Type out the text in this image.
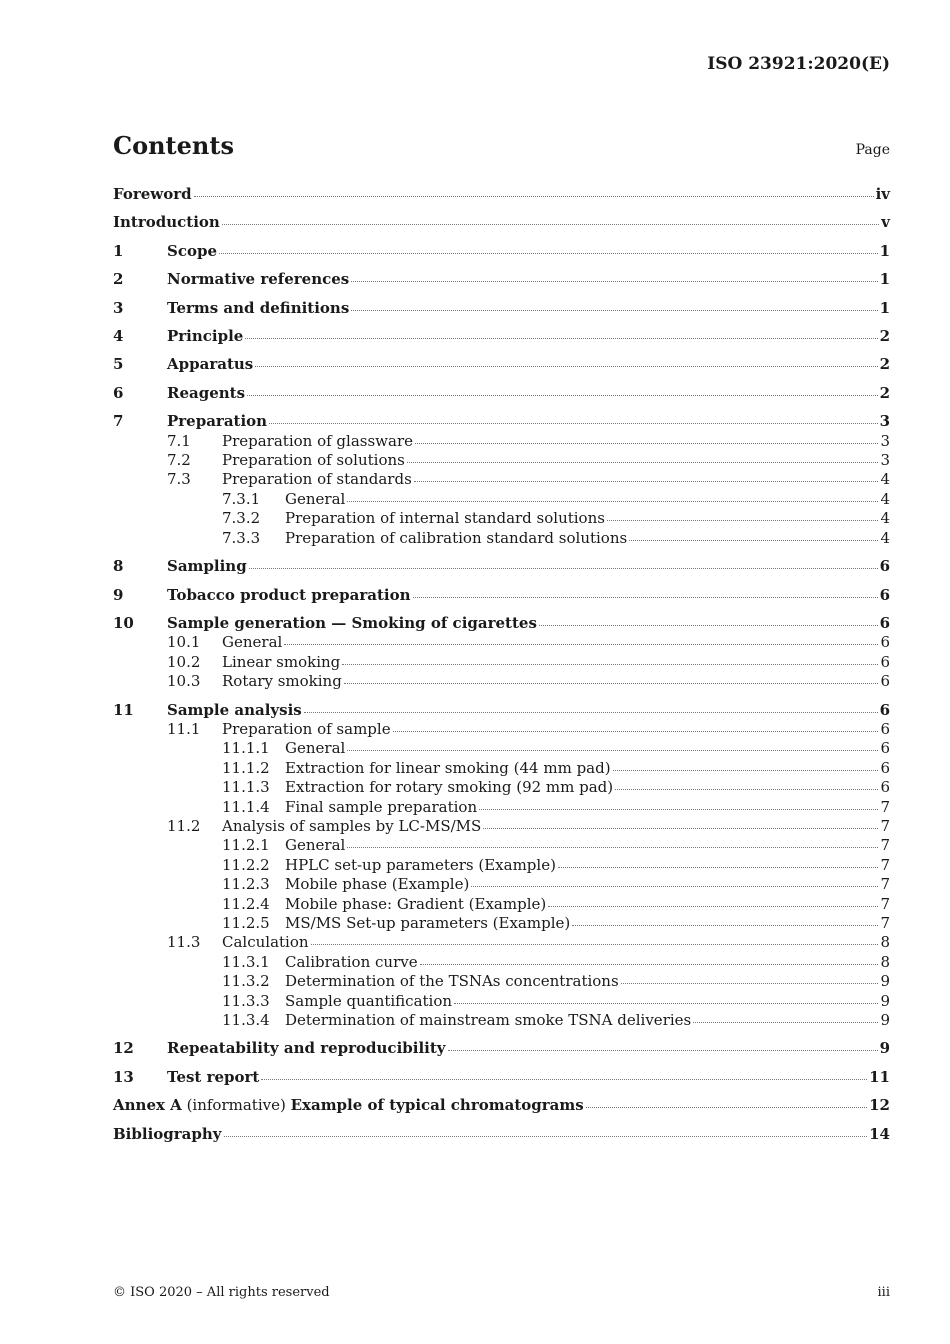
ISO 23921:2020(E)
Contents	Page
Foreword	iv
Introduction	v
1	Scope	1
2	Normative references	1
3	Terms and definitions	1
4	Principle	2
5	Apparatus	2
6	Reagents	2
7	Preparation	3
7.1	Preparation of glassware	3
7.2	Preparation of solutions	3
7.3	Preparation of standards	4
7.3.1	General	4
7.3.2	Preparation of internal standard solutions	4
7.3.3	Preparation of calibration standard solutions	4
8	Sampling	6
9	Tobacco product preparation	6
10	Sample generation — Smoking of cigarettes	6
10.1	General	6
10.2	Linear smoking	6
10.3	Rotary smoking	6
11	Sample analysis	6
11.1	Preparation of sample	6
11.1.1	General	6
11.1.2	Extraction for linear smoking (44 mm pad)	6
11.1.3	Extraction for rotary smoking (92 mm pad)	6
11.1.4	Final sample preparation	7
11.2	Analysis of samples by LC-MS/MS	7
11.2.1	General	7
11.2.2	HPLC set-up parameters (Example)	7
11.2.3	Mobile phase (Example)	7
11.2.4	Mobile phase: Gradient (Example)	7
11.2.5	MS/MS Set-up parameters (Example)	7
11.3	Calculation	8
11.3.1	Calibration curve	8
11.3.2	Determination of the TSNAs concentrations	9
11.3.3	Sample quantification	9
11.3.4	Determination of mainstream smoke TSNA deliveries	9
12	Repeatability and reproducibility	9
13	Test report	11
Annex A (informative) Example of typical chromatograms	12
Bibliography	14
© ISO 2020 – All rights reserved	iii
